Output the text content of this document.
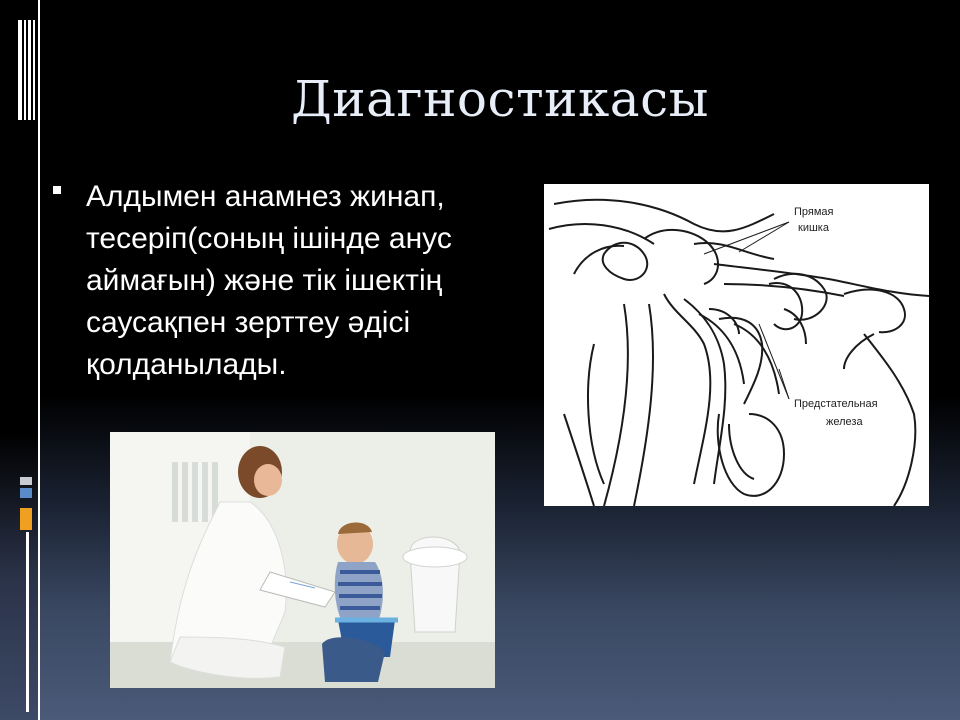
Диагностикасы
Алдымен анамнез жинап,
тесеріп(соның ішінде анус
аймағын) және тік ішектің
саусақпен зерттеу әдісі
қолданылады.
Прямая
кишка
Предстательная
железа
